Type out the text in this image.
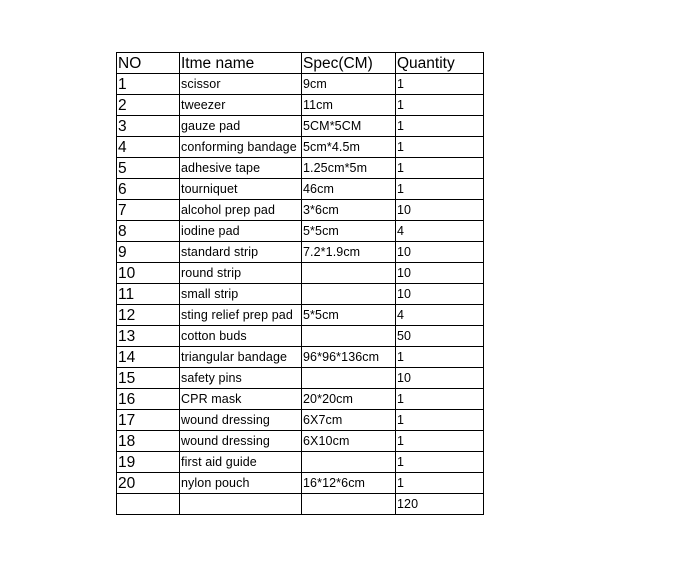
NO	Itme name	Spec(CM)	Quantity
1	scissor	9cm	1
2	tweezer	11cm	1
3	gauze pad	5CM*5CM	1
4	conforming bandage	5cm*4.5m	1
5	adhesive tape	1.25cm*5m	1
6	tourniquet	46cm	1
7	alcohol prep pad	3*6cm	10
8	iodine pad	5*5cm	4
9	standard strip	7.2*1.9cm	10
10	round strip		10
11	small strip		10
12	sting relief prep pad	5*5cm	4
13	cotton buds		50
14	triangular bandage	96*96*136cm	1
15	safety pins		10
16	CPR mask	20*20cm	1
17	wound dressing	6X7cm	1
18	wound dressing	6X10cm	1
19	first aid guide		1
20	nylon pouch	16*12*6cm	1
			120
